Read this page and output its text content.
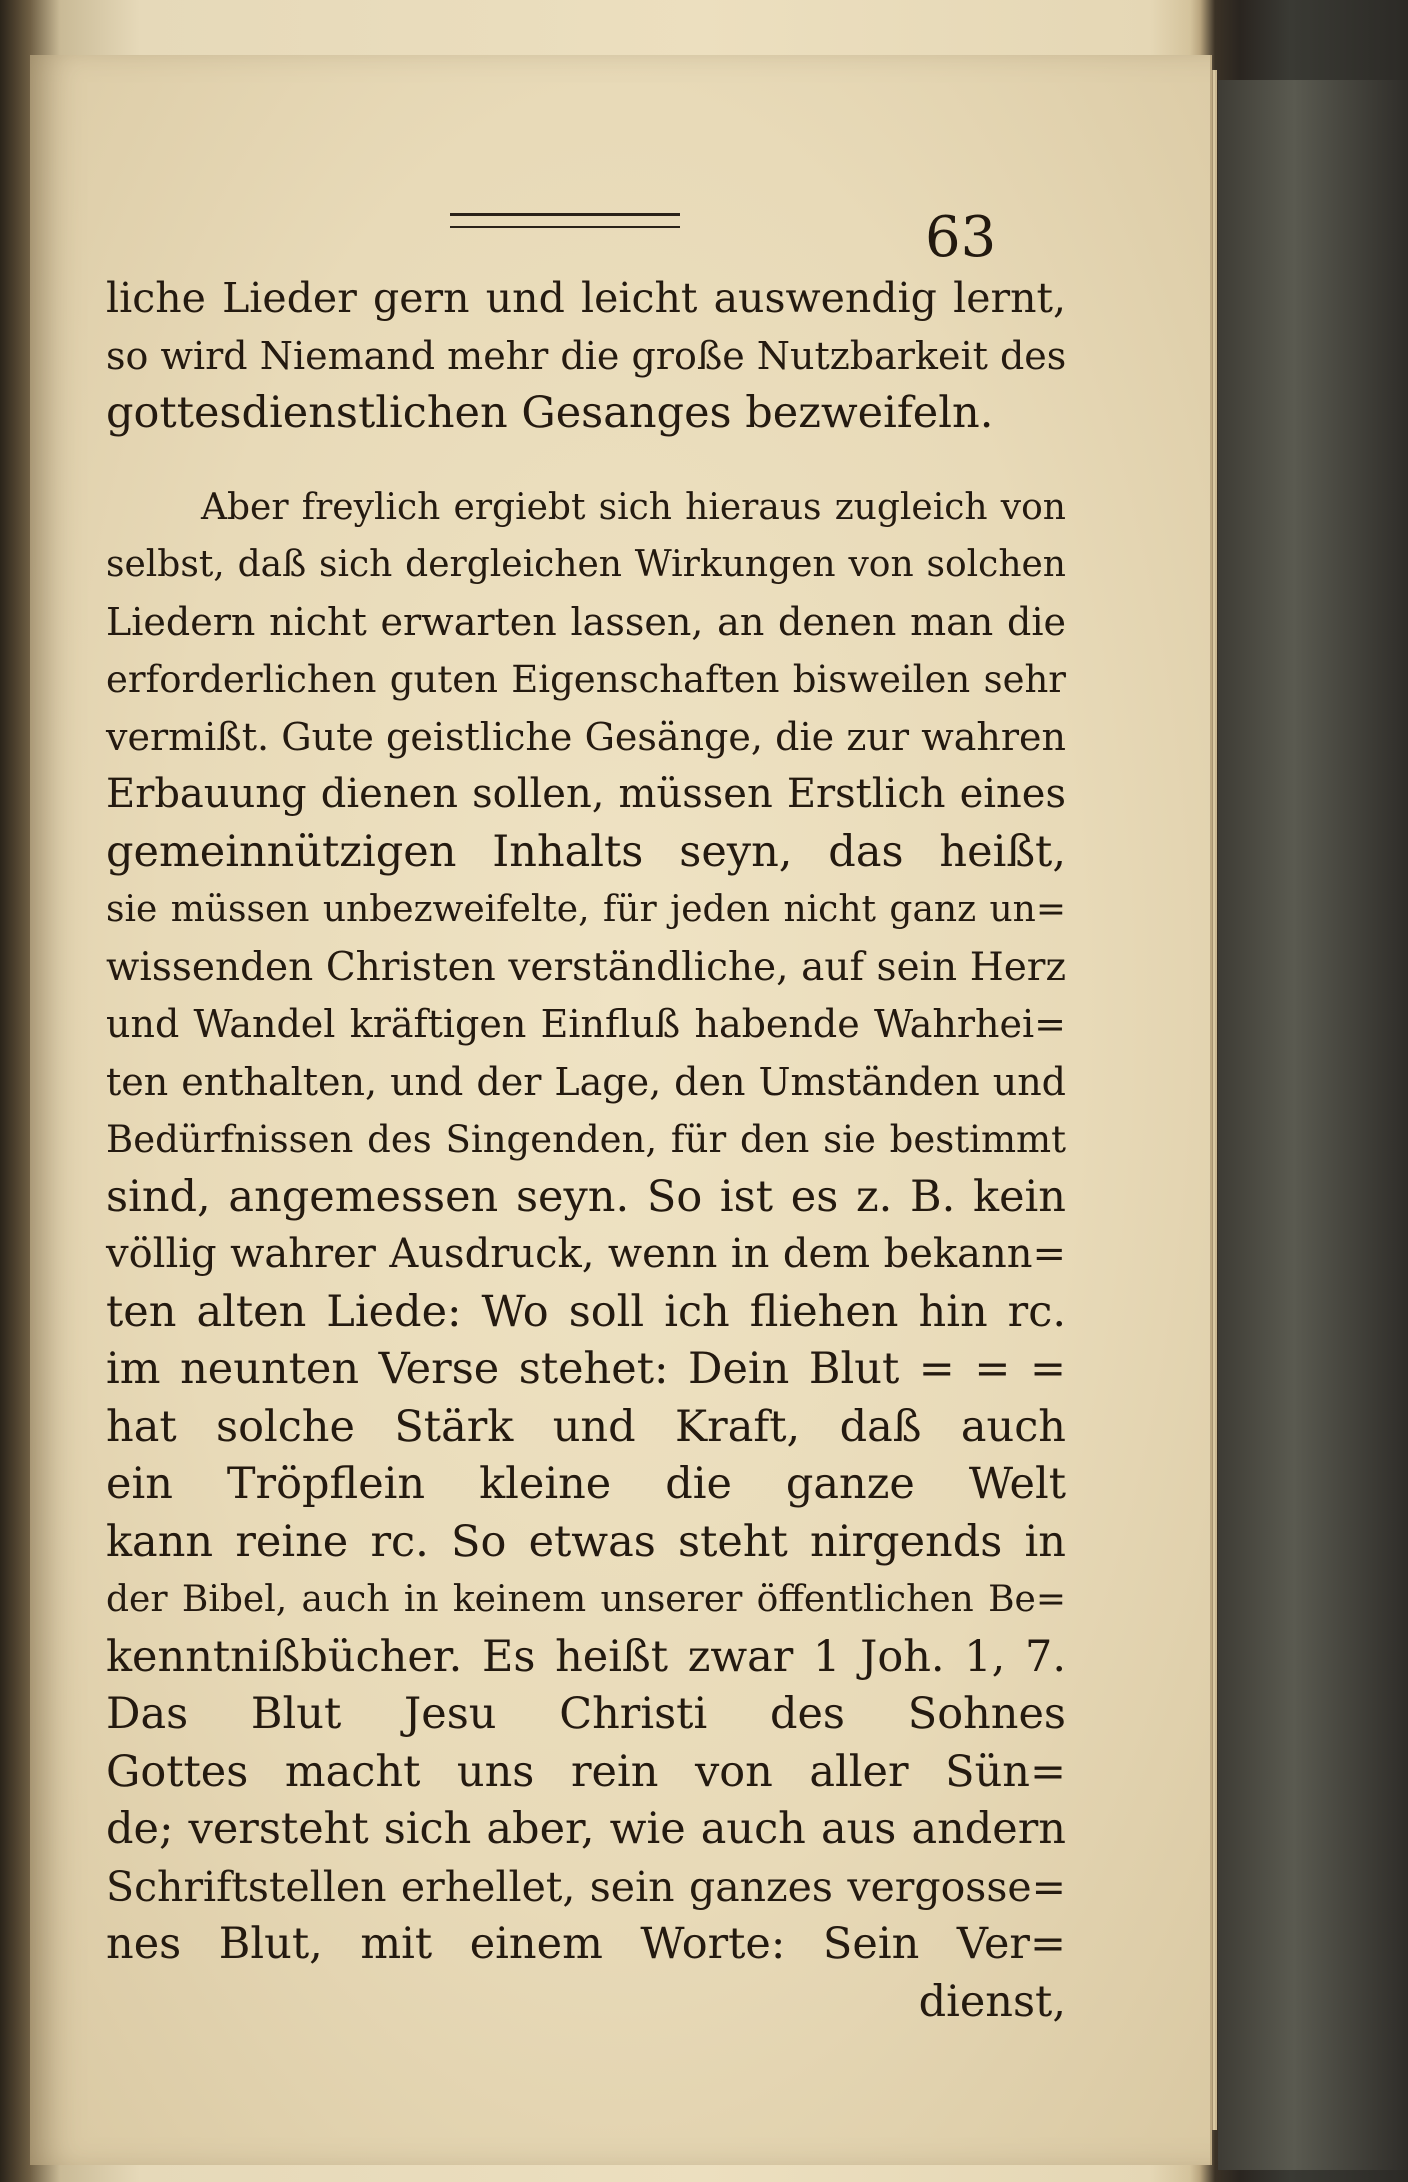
63
liche Lieder gern und leicht auswendig lernt,
so wird Niemand mehr die große Nutzbarkeit des
gottesdienstlichen Gesanges bezweifeln.
Aber freylich ergiebt sich hieraus zugleich von
selbst, daß sich dergleichen Wirkungen von solchen
Liedern nicht erwarten lassen, an denen man die
erforderlichen guten Eigenschaften bisweilen sehr
vermißt. Gute geistliche Gesänge, die zur wahren
Erbauung dienen sollen, müssen Erstlich eines
gemeinnützigen Inhalts seyn, das heißt,
sie müssen unbezweifelte, für jeden nicht ganz un=
wissenden Christen verständliche, auf sein Herz
und Wandel kräftigen Einfluß habende Wahrhei=
ten enthalten, und der Lage, den Umständen und
Bedürfnissen des Singenden, für den sie bestimmt
sind, angemessen seyn. So ist es z. B. kein
völlig wahrer Ausdruck, wenn in dem bekann=
ten alten Liede: Wo soll ich fliehen hin rc.
im neunten Verse stehet: Dein Blut = = =
hat solche Stärk und Kraft, daß auch
ein Tröpflein kleine die ganze Welt
kann reine rc. So etwas steht nirgends in
der Bibel, auch in keinem unserer öffentlichen Be=
kenntnißbücher. Es heißt zwar 1 Joh. 1, 7.
Das Blut Jesu Christi des Sohnes
Gottes macht uns rein von aller Sün=
de; versteht sich aber, wie auch aus andern
Schriftstellen erhellet, sein ganzes vergosse=
nes Blut, mit einem Worte: Sein Ver=
dienst,
